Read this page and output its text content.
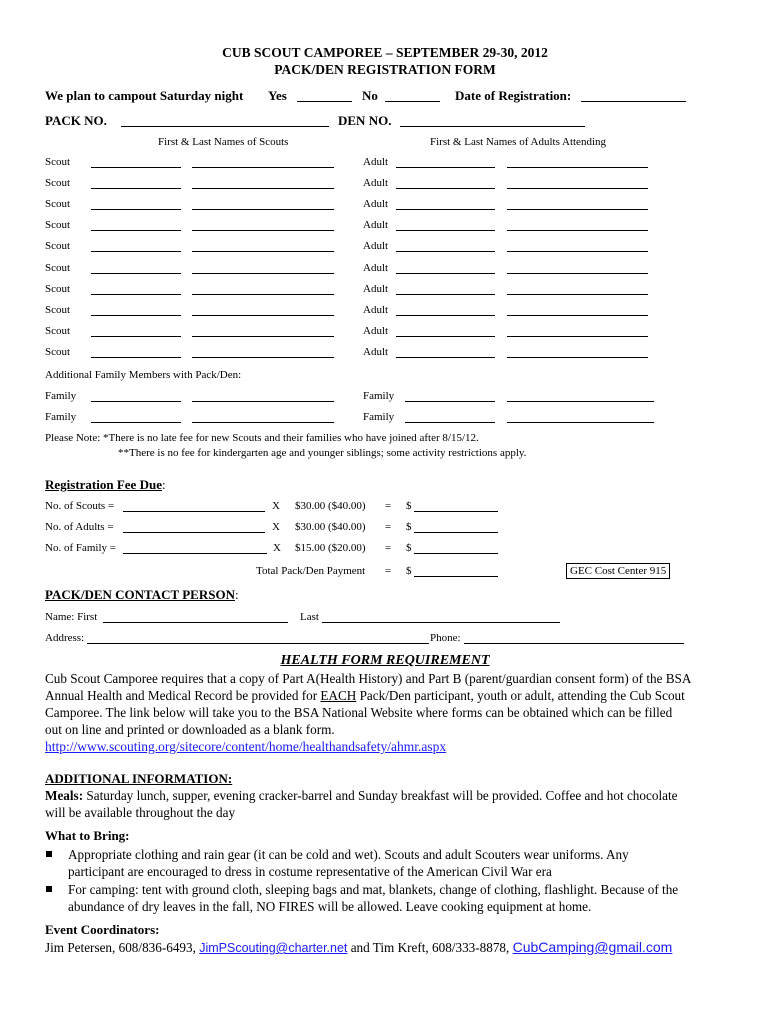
CUB SCOUT CAMPOREE – SEPTEMBER 29-30, 2012
PACK/DEN REGISTRATION FORM
We plan to campout Saturday night Yes	No	Date of Registration:
PACK NO.	DEN NO.
First & Last Names of Scouts	First & Last Names of Adults Attending
Scout	Adult
Scout	Adult
Scout	Adult
Scout	Adult
Scout	Adult
Scout	Adult
Scout	Adult
Scout	Adult
Scout	Adult
Scout	Adult
Additional Family Members with Pack/Den:
Family	Family
Family	Family
Please Note: *There is no late fee for new Scouts and their families who have joined after 8/15/12.
**There is no fee for kindergarten age and younger siblings; some activity restrictions apply.
Registration Fee Due:
No. of Scouts =	X $30.00 ($40.00) = $
No. of Adults =	X $30.00 ($40.00) = $
No. of Family =	X $15.00 ($20.00) = $
Total Pack/Den Payment = $	GEC Cost Center 915
PACK/DEN CONTACT PERSON:
Name: First	Last
Address:	Phone:
HEALTH FORM REQUIREMENT
Cub Scout Camporee requires that a copy of Part A(Health History) and Part B (parent/guardian consent form) of the BSA
Annual Health and Medical Record be provided for EACH Pack/Den participant, youth or adult, attending the Cub Scout
Camporee. The link below will take you to the BSA National Website where forms can be obtained which can be filled
out on line and printed or downloaded as a blank form.
http://www.scouting.org/sitecore/content/home/healthandsafety/ahmr.aspx
ADDITIONAL INFORMATION:
Meals: Saturday lunch, supper, evening cracker-barrel and Sunday breakfast will be provided. Coffee and hot chocolate
will be available throughout the day
What to Bring:
Appropriate clothing and rain gear (it can be cold and wet). Scouts and adult Scouters wear uniforms. Any
participant are encouraged to dress in costume representative of the American Civil War era
For camping: tent with ground cloth, sleeping bags and mat, blankets, change of clothing, flashlight. Because of the
abundance of dry leaves in the fall, NO FIRES will be allowed. Leave cooking equipment at home.
Event Coordinators:
Jim Petersen, 608/836-6493, JimPScouting@charter.net and Tim Kreft, 608/333-8878, CubCamping@gmail.com
